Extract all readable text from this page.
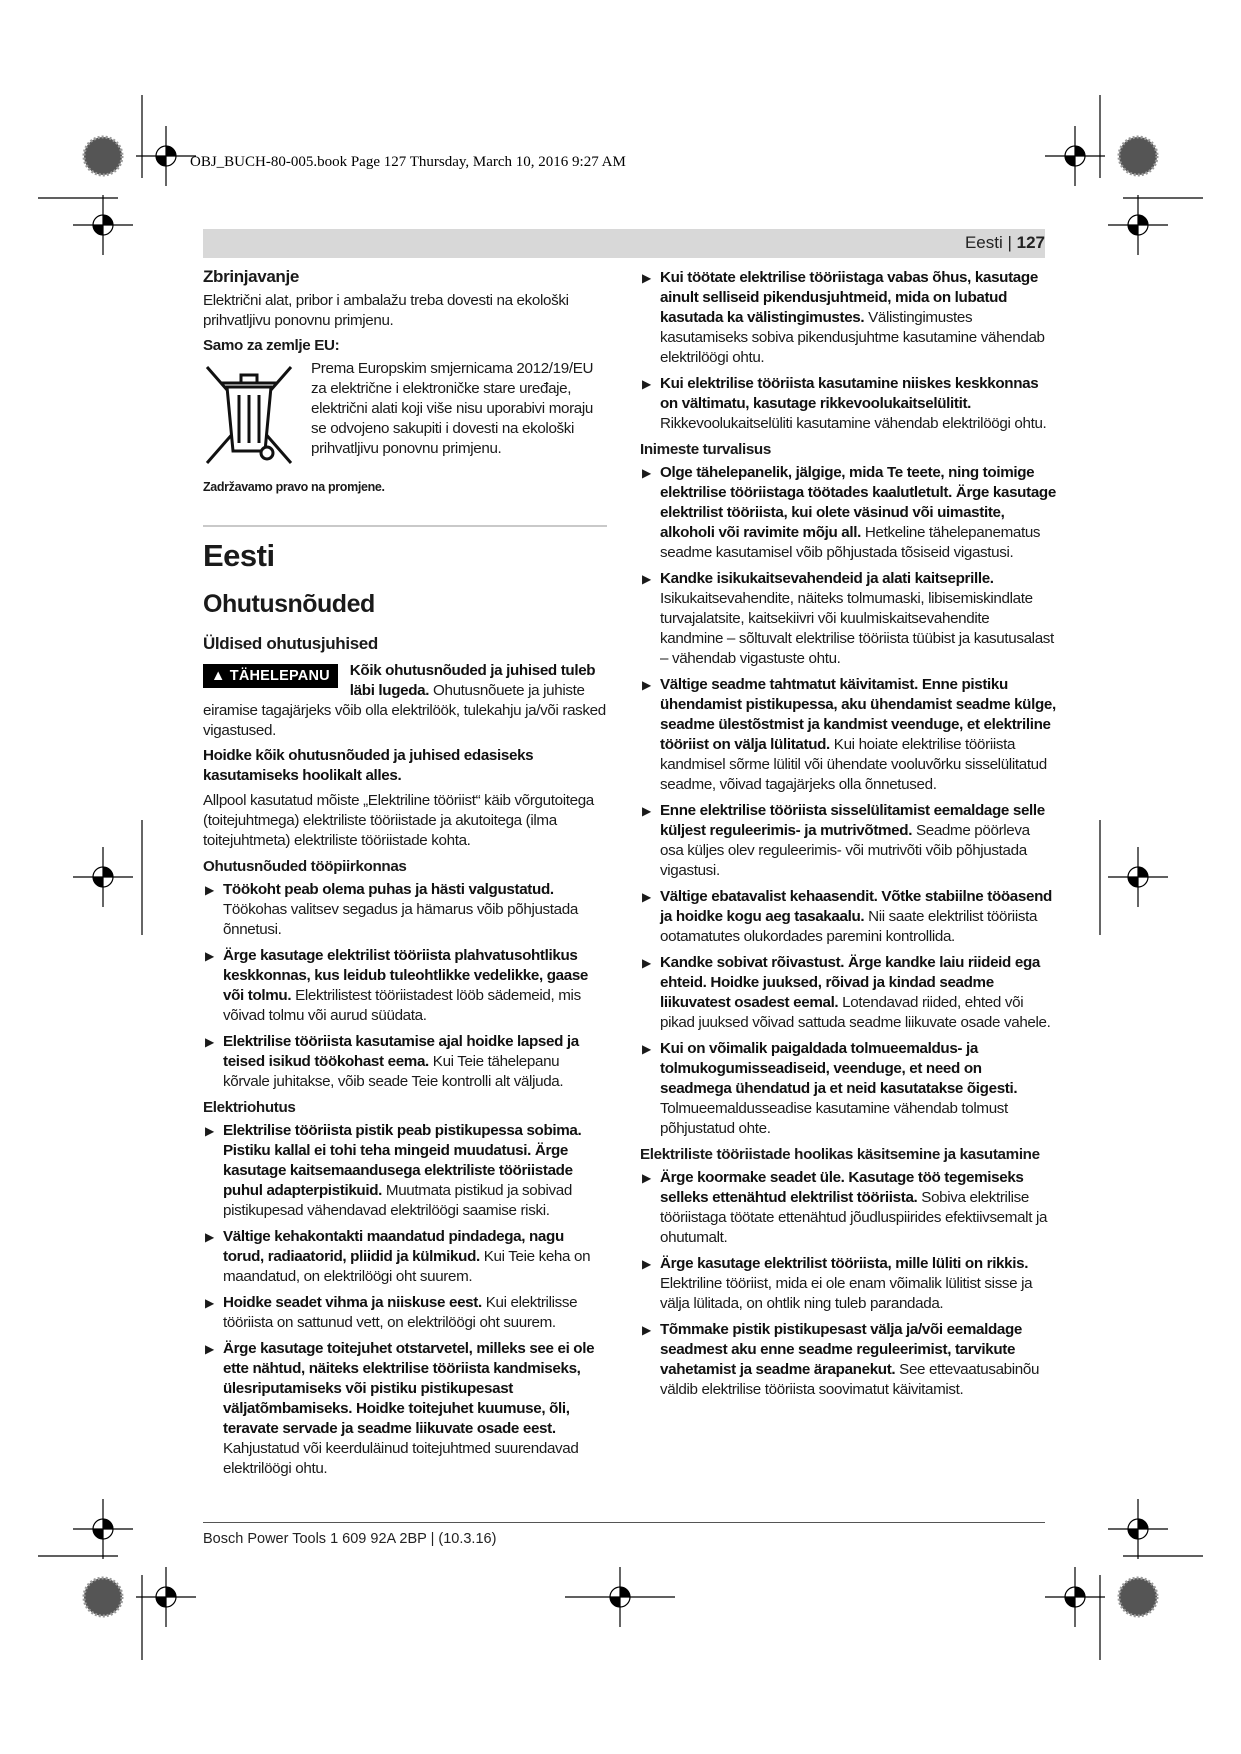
OBJ_BUCH-80-005.book Page 127 Thursday, March 10, 2016 9:27 AM
Eesti | 127
Zbrinjavanje

Električni alat, pribor i ambalažu treba dovesti na ekološki prihvatljivu ponovnu primjenu.

Samo za zemlje EU:
Prema Europskim smjernicama 2012/19/EU za električne i elektroničke stare uređaje, električni alati koji više nisu uporabivi moraju se odvojeno sakupiti i dovesti na ekološki prihvatljivu ponovnu primjenu.
Zadržavamo pravo na promjene.
Eesti
Ohutusnõuded
Üldised ohutusjuhised

▲ TÄHELEPANU	Kõik ohutusnõuded ja juhised tuleb läbi lugeda. Ohutusnõuete ja juhiste eiramise tagajärjeks võib olla elektrilöök, tulekahju ja/või rasked vigastused.

Hoidke kõik ohutusnõuded ja juhised edasiseks kasutamiseks hoolikalt alles.

Allpool kasutatud mõiste „Elektriline tööriist“ käib võrgutoitega (toitejuhtmega) elektriliste tööriistade ja akutoitega (ilma toitejuhtmeta) elektriliste tööriistade kohta.

Ohutusnõuded tööpiirkonnas

▶ Töökoht peab olema puhas ja hästi valgustatud. Töökohas valitsev segadus ja hämarus võib põhjustada õnnetusi.

▶ Ärge kasutage elektrilist tööriista plahvatusohtlikus keskkonnas, kus leidub tuleohtlikke vedelikke, gaase või tolmu. Elektrilistest tööriistadest lööb sädemeid, mis võivad tolmu või aurud süüdata.

▶ Elektrilise tööriista kasutamise ajal hoidke lapsed ja teised isikud töökohast eema. Kui Teie tähelepanu kõrvale juhitakse, võib seade Teie kontrolli alt väljuda.

Elektriohutus

▶ Elektrilise tööriista pistik peab pistikupessa sobima. Pistiku kallal ei tohi teha mingeid muudatusi. Ärge kasutage kaitsemaandusega elektriliste tööriistade puhul adapterpistikuid. Muutmata pistikud ja sobivad pistikupesad vähendavad elektrilöögi saamise riski.

▶ Vältige kehakontakti maandatud pindadega, nagu torud, radiaatorid, pliidid ja külmikud. Kui Teie keha on maandatud, on elektrilöögi oht suurem.

▶ Hoidke seadet vihma ja niiskuse eest. Kui elektrilisse tööriista on sattunud vett, on elektrilöögi oht suurem.

▶ Ärge kasutage toitejuhet otstarvetel, milleks see ei ole ette nähtud, näiteks elektrilise tööriista kandmiseks, ülesriputamiseks või pistiku pistikupesast väljatõmbamiseks. Hoidke toitejuhet kuumuse, õli, teravate servade ja seadme liikuvate osade eest. Kahjustatud või keerduläinud toitejuhtmed suurendavad elektrilöögi ohtu.

▶ Kui töötate elektrilise tööriistaga vabas õhus, kasutage ainult selliseid pikendusjuhtmeid, mida on lubatud kasutada ka välistingimustes. Välistingimustes kasutamiseks sobiva pikendusjuhtme kasutamine vähendab elektrilöögi ohtu.

▶ Kui elektrilise tööriista kasutamine niiskes keskkonnas on vältimatu, kasutage rikkevoolukaitselülitit. Rikkevoolukaitselüliti kasutamine vähendab elektrilöögi ohtu.

Inimeste turvalisus

▶ Olge tähelepanelik, jälgige, mida Te teete, ning toimige elektrilise tööriistaga töötades kaalutletult. Ärge kasutage elektrilist tööriista, kui olete väsinud või uimastite, alkoholi või ravimite mõju all. Hetkeline tähelepanematus seadme kasutamisel võib põhjustada tõsiseid vigastusi.

▶ Kandke isikukaitsevahendeid ja alati kaitseprille. Isikukaitsevahendite, näiteks tolmumaski, libisemiskindlate turvajalatsite, kaitsekiivri või kuulmiskaitsevahendite kandmine – sõltuvalt elektrilise tööriista tüübist ja kasutusalast – vähendab vigastuste ohtu.

▶ Vältige seadme tahtmatut käivitamist. Enne pistiku ühendamist pistikupessa, aku ühendamist seadme külge, seadme ülestõstmist ja kandmist veenduge, et elektriline tööriist on välja lülitatud. Kui hoiate elektrilise tööriista kandmisel sõrme lülitil või ühendate vooluvõrku sisselülitatud seadme, võivad tagajärjeks olla õnnetused.

▶ Enne elektrilise tööriista sisselülitamist eemaldage selle küljest reguleerimis- ja mutrivõtmed. Seadme pöörleva osa küljes olev reguleerimis- või mutrivõti võib põhjustada vigastusi.

▶ Vältige ebatavalist kehaasendit. Võtke stabiilne tööasend ja hoidke kogu aeg tasakaalu. Nii saate elektrilist tööriista ootamatutes olukordades paremini kontrollida.

▶ Kandke sobivat rõivastust. Ärge kandke laiu riideid ega ehteid. Hoidke juuksed, rõivad ja kindad seadme liikuvatest osadest eemal. Lotendavad riided, ehted või pikad juuksed võivad sattuda seadme liikuvate osade vahele.

▶ Kui on võimalik paigaldada tolmueemaldus- ja tolmukogumisseadiseid, veenduge, et need on seadmega ühendatud ja et neid kasutatakse õigesti. Tolmueemaldusseadise kasutamine vähendab tolmust põhjustatud ohte.

Elektriliste tööriistade hoolikas käsitsemine ja kasutamine

▶ Ärge koormake seadet üle. Kasutage töö tegemiseks selleks ettenähtud elektrilist tööriista. Sobiva elektrilise tööriistaga töötate ettenähtud jõudluspiirides efektiivsemalt ja ohutumalt.

▶ Ärge kasutage elektrilist tööriista, mille lüliti on rikkis. Elektriline tööriist, mida ei ole enam võimalik lülitist sisse ja välja lülitada, on ohtlik ning tuleb parandada.

▶ Tõmmake pistik pistikupesast välja ja/või eemaldage seadmest aku enne seadme reguleerimist, tarvikute vahetamist ja seadme ärapanekut. See ettevaatusabinõu väldib elektrilise tööriista soovimatut käivitamist.

Bosch Power Tools 1 609 92A 2BP | (10.3.16)
